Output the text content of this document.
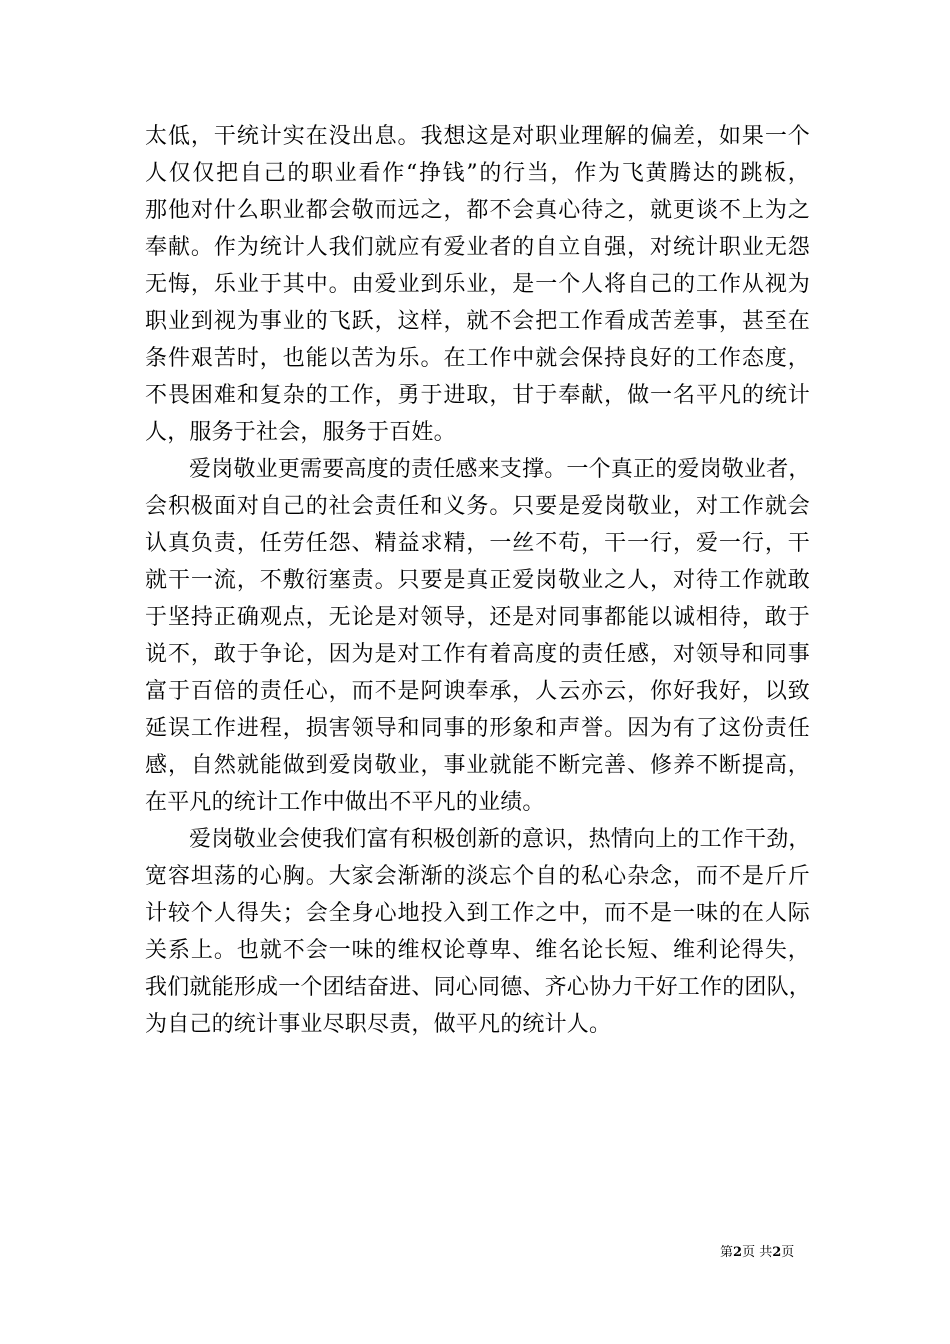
太低，干统计实在没出息。我想这是对职业理解的偏差，如果一个
人仅仅把自己的职业看作“挣钱”的行当，作为飞黄腾达的跳板，
那他对什么职业都会敬而远之，都不会真心待之，就更谈不上为之
奉献。作为统计人我们就应有爱业者的自立自强，对统计职业无怨
无悔，乐业于其中。由爱业到乐业，是一个人将自己的工作从视为
职业到视为事业的飞跃，这样，就不会把工作看成苦差事，甚至在
条件艰苦时，也能以苦为乐。在工作中就会保持良好的工作态度，
不畏困难和复杂的工作，勇于进取，甘于奉献，做一名平凡的统计
人，服务于社会，服务于百姓。
爱岗敬业更需要高度的责任感来支撑。一个真正的爱岗敬业者，
会积极面对自己的社会责任和义务。只要是爱岗敬业，对工作就会
认真负责，任劳任怨、精益求精，一丝不苟，干一行，爱一行，干
就干一流，不敷衍塞责。只要是真正爱岗敬业之人，对待工作就敢
于坚持正确观点，无论是对领导，还是对同事都能以诚相待，敢于
说不，敢于争论，因为是对工作有着高度的责任感，对领导和同事
富于百倍的责任心，而不是阿谀奉承，人云亦云，你好我好，以致
延误工作进程，损害领导和同事的形象和声誉。因为有了这份责任
感，自然就能做到爱岗敬业，事业就能不断完善、修养不断提高，
在平凡的统计工作中做出不平凡的业绩。
爱岗敬业会使我们富有积极创新的意识，热情向上的工作干劲，
宽容坦荡的心胸。大家会渐渐的淡忘个自的私心杂念，而不是斤斤
计较个人得失；会全身心地投入到工作之中，而不是一味的在人际
关系上。也就不会一味的维权论尊卑、维名论长短、维利论得失，
我们就能形成一个团结奋进、同心同德、齐心协力干好工作的团队，
为自己的统计事业尽职尽责，做平凡的统计人。
第2页 共2页
